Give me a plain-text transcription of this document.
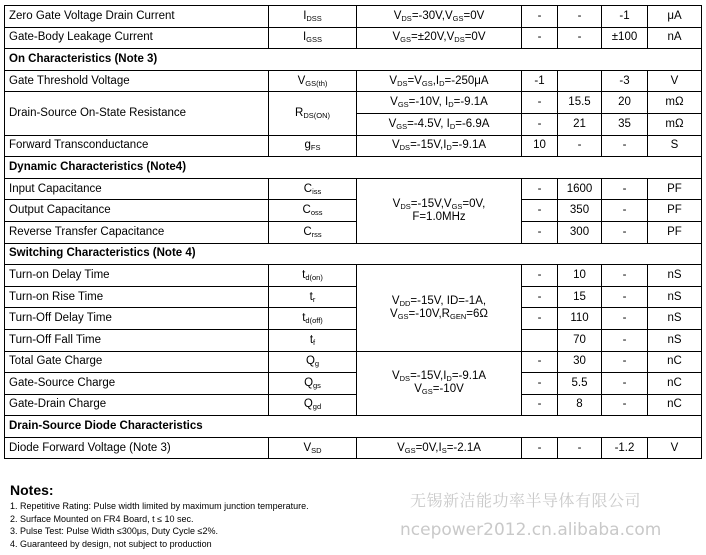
Zero Gate Voltage Drain Current	$I_{DSS}$	$V_{DS}=-30V,V_{GS}=0V$	-	-	-1	μA
Gate-Body Leakage Current	$I_{GSS}$	$V_{GS}=\pm 20V,V_{DS}=0V$	-	-	±100	nA
On Characteristics (Note 3)						
Gate Threshold Voltage	$V_{GS(th)}$	$V_{DS}=V_{GS},I_D=-250\mu A$	-1		-3	V
Drain-Source On-State Resistance	$R_{DS(ON)}$	$V_{GS}=-10V$, $I_D=-9.1A$	-	15.5	20	mΩ
		$V_{GS}=-4.5V$, $I_D=-6.9A$	-	21	35	mΩ
Forward Transconductance	$g_{FS}$	$V_{DS}=-15V,I_D=-9.1A$	10	-	-	S
Dynamic Characteristics (Note4)						
Input Capacitance	$C_{iss}$	$V_{DS}=-15V,V_{GS}=0V$,
F=1.0MHz	-	1600	-	PF
Output Capacitance	$C_{oss}$		-	350	-	PF
Reverse Transfer Capacitance	$C_{rss}$		-	300	-	PF
Switching Characteristics (Note 4)						
Turn-on Delay Time	$t_{d(on)}$	$V_{DD}=-15V$, ID=-1A,
$V_{GS}=-10V,R_{GEN}=6\Omega$	-	10	-	nS
Turn-on Rise Time	$t_r$		-	15	-	nS
Turn-Off Delay Time	$t_{d(off)}$		-	110	-	nS
Turn-Off Fall Time	$t_f$			70	-	nS
Total Gate Charge	$Q_g$	$V_{DS}=-15V,I_D=-9.1A$
$V_{GS}=-10V$	-	30	-	nC
Gate-Source Charge	$Q_{gs}$		-	5.5	-	nC
Gate-Drain Charge	$Q_{gd}$		-	8	-	nC
Drain-Source Diode Characteristics						
Diode Forward Voltage (Note 3)	$V_{SD}$	$V_{GS}=0V,I_S=-2.1A$	-	-	-1.2	V
Notes:
1. Repetitive Rating: Pulse width limited by maximum junction temperature.
2. Surface Mounted on FR4 Board, t ≤ 10 sec.
3. Pulse Test: Pulse Width ≤300μs, Duty Cycle ≤2%.
4. Guaranteed by design, not subject to production
无锡新洁能功率半导体有限公司
ncepower2012.cn.alibaba.com
